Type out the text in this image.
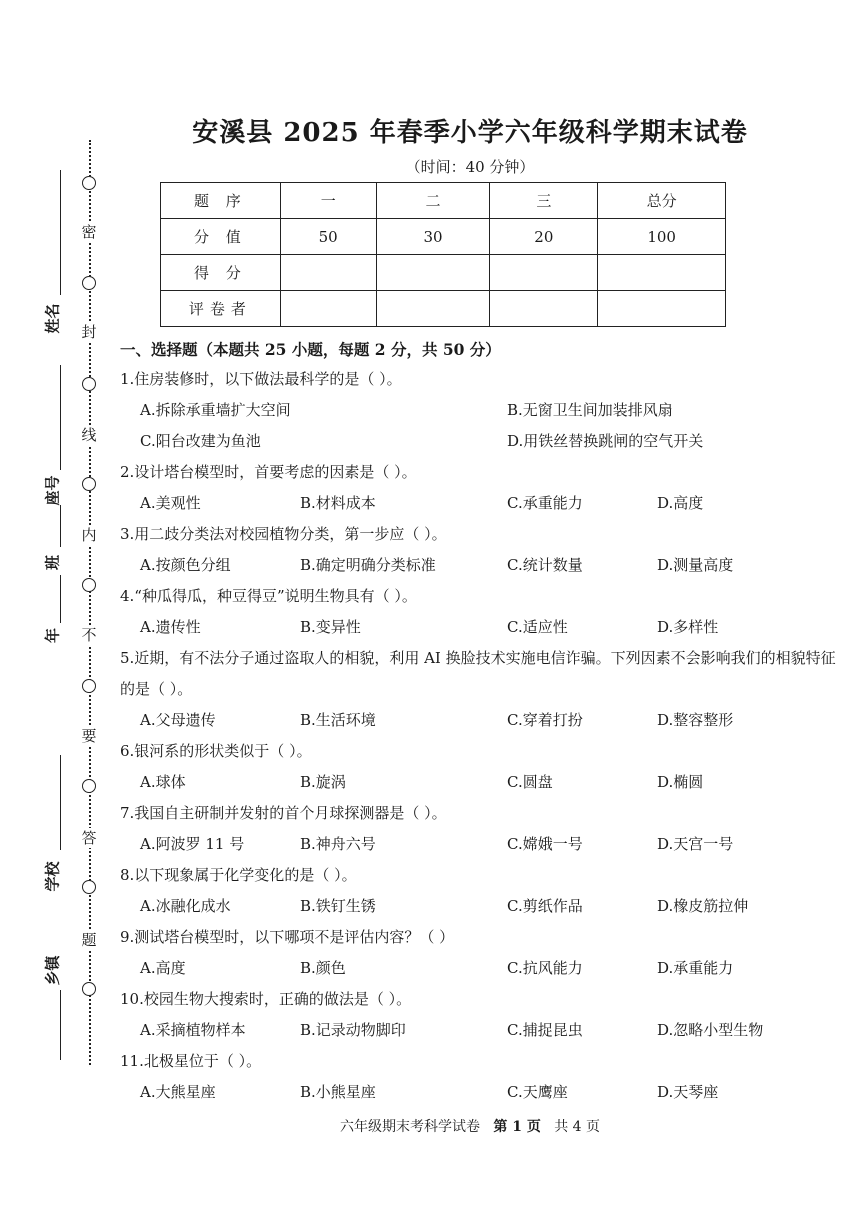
密
封
线
内
不
要
答
题
姓名
座号
班
年
学校
乡镇
安溪县 2025 年春季小学六年级科学期末试卷
（时间：40 分钟）
题 序	一	二	三	总分
分 值	50	30	20	100
得 分				
评卷者				
一、选择题（本题共 25 小题，每题 2 分，共 50 分）
1.住房装修时，以下做法最科学的是（ ）。
A.拆除承重墙扩大空间	B.无窗卫生间加装排风扇
C.阳台改建为鱼池	D.用铁丝替换跳闸的空气开关
2.设计塔台模型时，首要考虑的因素是（ ）。
A.美观性	B.材料成本	C.承重能力	D.高度
3.用二歧分类法对校园植物分类，第一步应（ ）。
A.按颜色分组	B.确定明确分类标准	C.统计数量	D.测量高度
4.“种瓜得瓜，种豆得豆”说明生物具有（ ）。
A.遗传性	B.变异性	C.适应性	D.多样性
5.近期，有不法分子通过盗取人的相貌，利用 AI 换脸技术实施电信诈骗。下列因素不会影响我们的相貌特征的是（ ）。
A.父母遗传	B.生活环境	C.穿着打扮	D.整容整形
6.银河系的形状类似于（ ）。
A.球体	B.旋涡	C.圆盘	D.椭圆
7.我国自主研制并发射的首个月球探测器是（ ）。
A.阿波罗 11 号	B.神舟六号	C.嫦娥一号	D.天宫一号
8.以下现象属于化学变化的是（ ）。
A.冰融化成水	B.铁钉生锈	C.剪纸作品	D.橡皮筋拉伸
9.测试塔台模型时，以下哪项不是评估内容？（ ）
A.高度	B.颜色	C.抗风能力	D.承重能力
10.校园生物大搜索时，正确的做法是（ ）。
A.采摘植物样本	B.记录动物脚印	C.捕捉昆虫	D.忽略小型生物
11.北极星位于（ ）。
A.大熊星座	B.小熊星座	C.天鹰座	D.天琴座
六年级期末考科学试卷 第 1 页 共 4 页
